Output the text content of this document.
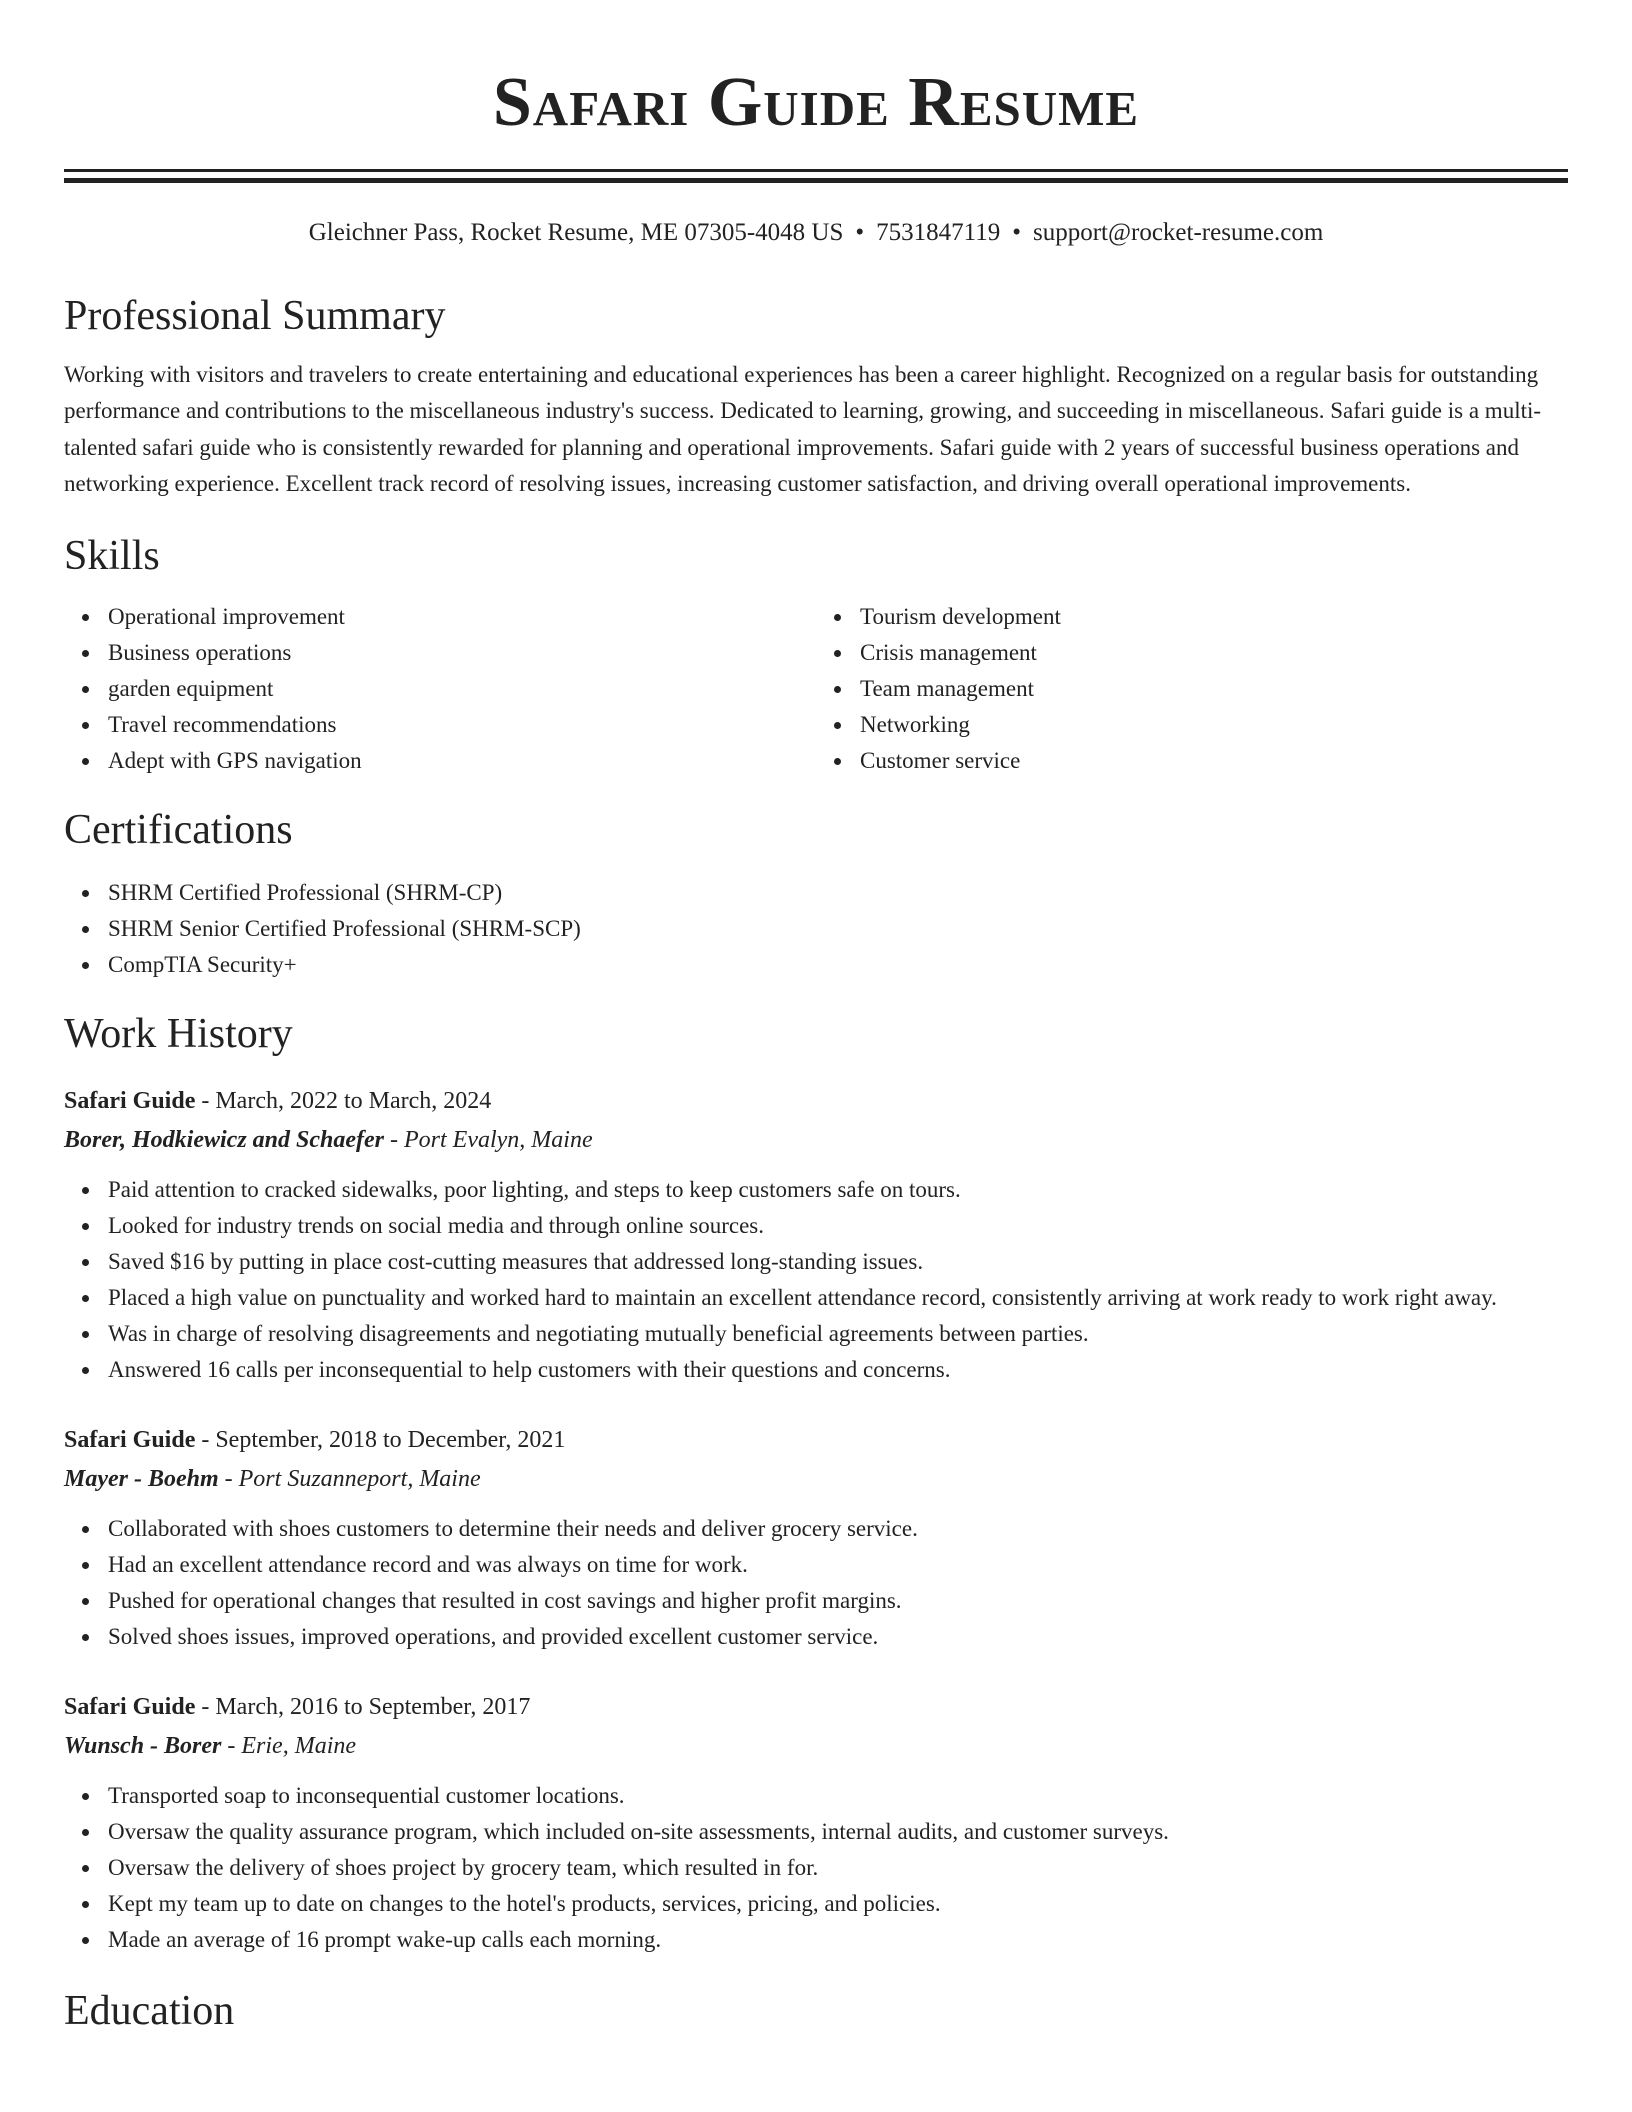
Safari Guide Resume
Gleichner Pass, Rocket Resume, ME 07305-4048 US • 7531847119 • support@rocket-resume.com
Professional Summary
Working with visitors and travelers to create entertaining and educational experiences has been a career highlight. Recognized on a regular basis for outstanding performance and contributions to the miscellaneous industry's success. Dedicated to learning, growing, and succeeding in miscellaneous. Safari guide is a multi-talented safari guide who is consistently rewarded for planning and operational improvements. Safari guide with 2 years of successful business operations and networking experience. Excellent track record of resolving issues, increasing customer satisfaction, and driving overall operational improvements.
Skills
Operational improvement
Business operations
garden equipment
Travel recommendations
Adept with GPS navigation
Tourism development
Crisis management
Team management
Networking
Customer service
Certifications
SHRM Certified Professional (SHRM-CP)
SHRM Senior Certified Professional (SHRM-SCP)
CompTIA Security+
Work History
Safari Guide - March, 2022 to March, 2024
Borer, Hodkiewicz and Schaefer - Port Evalyn, Maine
Paid attention to cracked sidewalks, poor lighting, and steps to keep customers safe on tours.
Looked for industry trends on social media and through online sources.
Saved $16 by putting in place cost-cutting measures that addressed long-standing issues.
Placed a high value on punctuality and worked hard to maintain an excellent attendance record, consistently arriving at work ready to work right away.
Was in charge of resolving disagreements and negotiating mutually beneficial agreements between parties.
Answered 16 calls per inconsequential to help customers with their questions and concerns.
Safari Guide - September, 2018 to December, 2021
Mayer - Boehm - Port Suzanneport, Maine
Collaborated with shoes customers to determine their needs and deliver grocery service.
Had an excellent attendance record and was always on time for work.
Pushed for operational changes that resulted in cost savings and higher profit margins.
Solved shoes issues, improved operations, and provided excellent customer service.
Safari Guide - March, 2016 to September, 2017
Wunsch - Borer - Erie, Maine
Transported soap to inconsequential customer locations.
Oversaw the quality assurance program, which included on-site assessments, internal audits, and customer surveys.
Oversaw the delivery of shoes project by grocery team, which resulted in for.
Kept my team up to date on changes to the hotel's products, services, pricing, and policies.
Made an average of 16 prompt wake-up calls each morning.
Education
